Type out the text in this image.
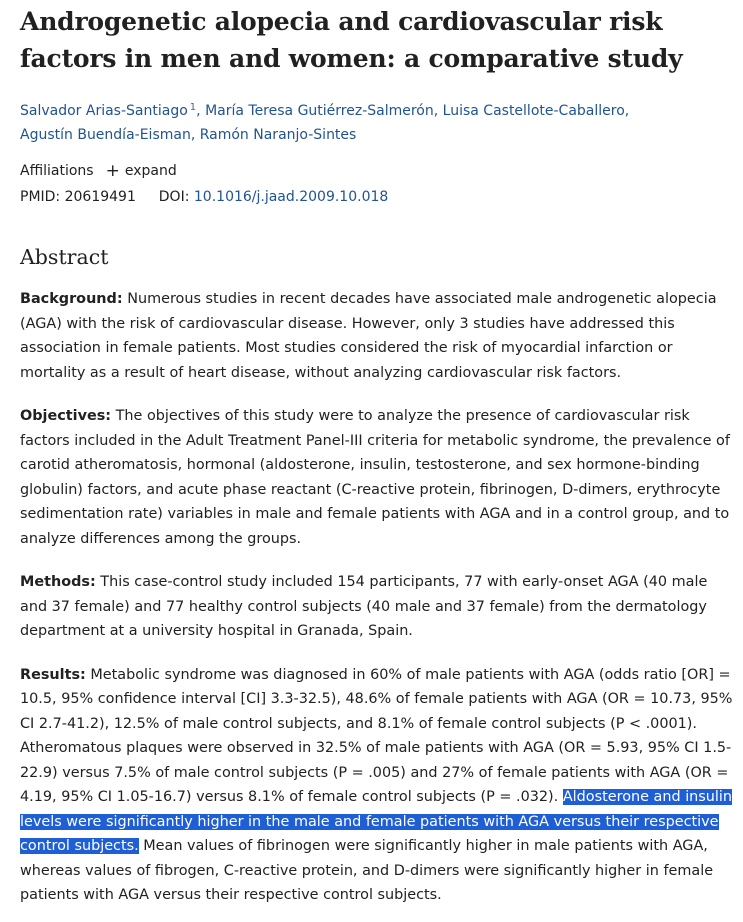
Androgenetic alopecia and cardiovascular risk factors in men and women: a comparative study
Salvador Arias-Santiago $^1$, María Teresa Gutiérrez-Salmerón, Luisa Castellote-Caballero,
Agustín Buendía-Eisman, Ramón Naranjo-Sintes
Affiliations + expand
PMID: 20619491 DOI: 10.1016/j.jaad.2009.10.018
Abstract

Background: Numerous studies in recent decades have associated male androgenetic alopecia (AGA) with the risk of cardiovascular disease. However, only 3 studies have addressed this association in female patients. Most studies considered the risk of myocardial infarction or mortality as a result of heart disease, without analyzing cardiovascular risk factors.

Objectives: The objectives of this study were to analyze the presence of cardiovascular risk factors included in the Adult Treatment Panel-III criteria for metabolic syndrome, the prevalence of carotid atheromatosis, hormonal (aldosterone, insulin, testosterone, and sex hormone-binding globulin) factors, and acute phase reactant (C-reactive protein, fibrinogen, D-dimers, erythrocyte sedimentation rate) variables in male and female patients with AGA and in a control group, and to analyze differences among the groups.

Methods: This case-control study included 154 participants, 77 with early-onset AGA (40 male and 37 female) and 77 healthy control subjects (40 male and 37 female) from the dermatology department at a university hospital in Granada, Spain.

Results: Metabolic syndrome was diagnosed in 60% of male patients with AGA (odds ratio [OR] = 10.5, 95% confidence interval [CI] 3.3-32.5), 48.6% of female patients with AGA (OR = 10.73, 95% CI 2.7-41.2), 12.5% of male control subjects, and 8.1% of female control subjects (P < .0001). Atheromatous plaques were observed in 32.5% of male patients with AGA (OR = 5.93, 95% CI 1.5-22.9) versus 7.5% of male control subjects (P = .005) and 27% of female patients with AGA (OR = 4.19, 95% CI 1.05-16.7) versus 8.1% of female control subjects (P = .032). Aldosterone and insulin levels were significantly higher in the male and female patients with AGA versus their respective control subjects. Mean values of fibrinogen were significantly higher in male patients with AGA, whereas values of fibrogen, C-reactive protein, and D-dimers were significantly higher in female patients with AGA versus their respective control subjects.
